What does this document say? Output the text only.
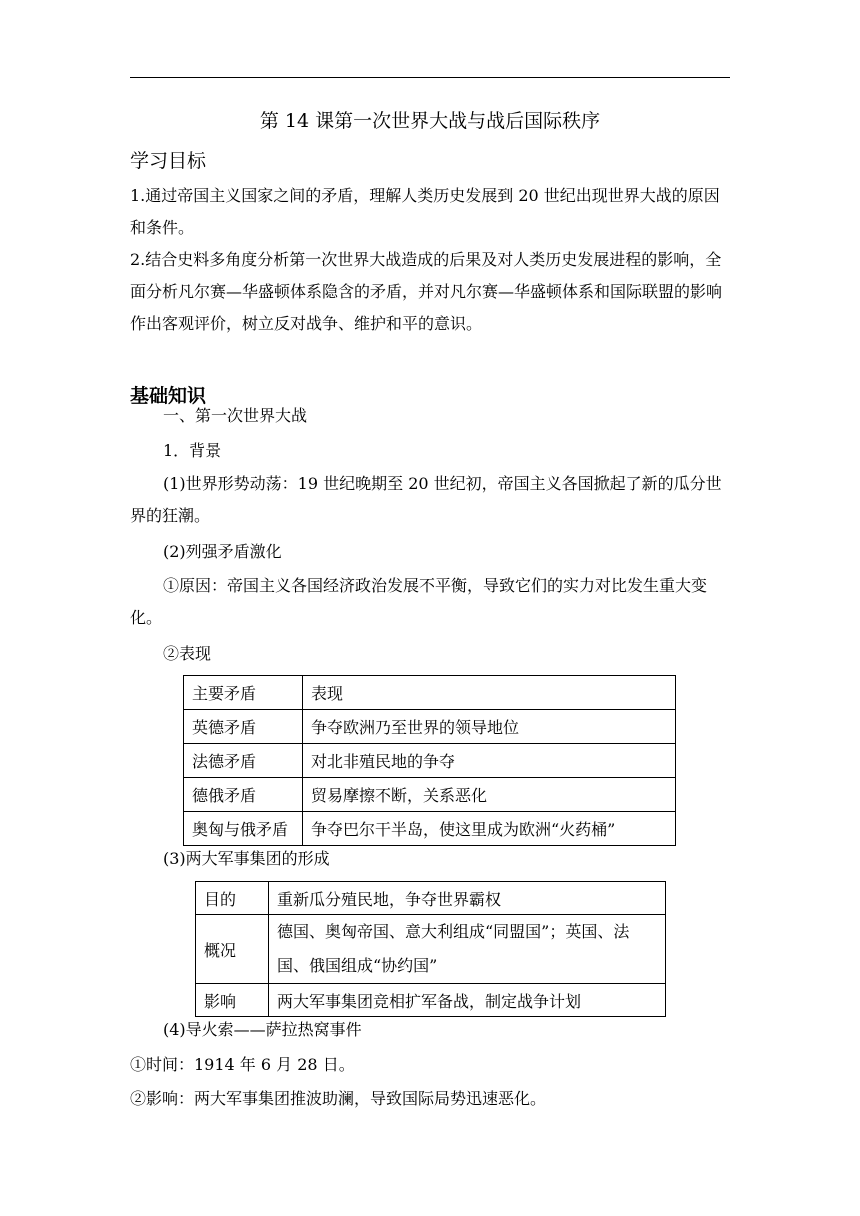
第 14 课第一次世界大战与战后国际秩序
学习目标
1.通过帝国主义国家之间的矛盾，理解人类历史发展到 20 世纪出现世界大战的原因和条件。
2.结合史料多角度分析第一次世界大战造成的后果及对人类历史发展进程的影响，全面分析凡尔赛—华盛顿体系隐含的矛盾，并对凡尔赛—华盛顿体系和国际联盟的影响作出客观评价，树立反对战争、维护和平的意识。
基础知识
一、第一次世界大战
1．背景
(1)世界形势动荡：19 世纪晚期至 20 世纪初，帝国主义各国掀起了新的瓜分世界的狂潮。
(2)列强矛盾激化
①原因：帝国主义各国经济政治发展不平衡，导致它们的实力对比发生重大变化。
②表现
主要矛盾	表现
英德矛盾	争夺欧洲乃至世界的领导地位
法德矛盾	对北非殖民地的争夺
德俄矛盾	贸易摩擦不断，关系恶化
奥匈与俄矛盾	争夺巴尔干半岛，使这里成为欧洲“火药桶”
(3)两大军事集团的形成
目的	重新瓜分殖民地，争夺世界霸权
概况	德国、奥匈帝国、意大利组成“同盟国”；英国、法国、俄国组成“协约国”
影响	两大军事集团竞相扩军备战，制定战争计划
(4)导火索——萨拉热窝事件
①时间：1914 年 6 月 28 日。
②影响：两大军事集团推波助澜，导致国际局势迅速恶化。
